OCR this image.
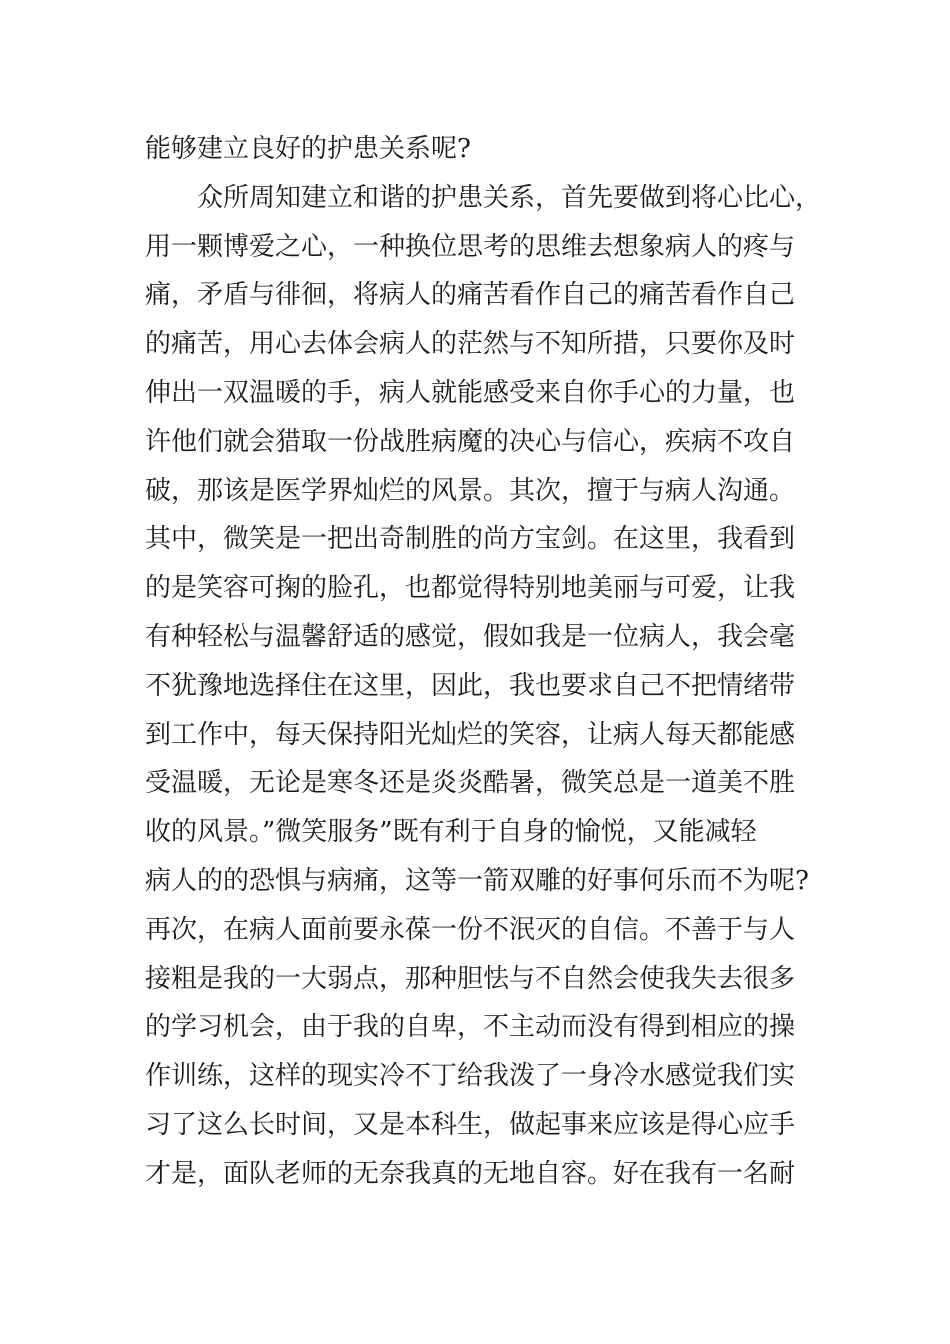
能够建立良好的护患关系呢?
众所周知建立和谐的护患关系，首先要做到将心比心，
用一颗博爱之心，一种换位思考的思维去想象病人的疼与
痛，矛盾与徘徊，将病人的痛苦看作自己的痛苦看作自己
的痛苦，用心去体会病人的茫然与不知所措，只要你及时
伸出一双温暖的手，病人就能感受来自你手心的力量，也
许他们就会猎取一份战胜病魔的决心与信心，疾病不攻自
破，那该是医学界灿烂的风景。其次，擅于与病人沟通。
其中，微笑是一把出奇制胜的尚方宝剑。在这里，我看到
的是笑容可掬的脸孔，也都觉得特别地美丽与可爱，让我
有种轻松与温馨舒适的感觉，假如我是一位病人，我会毫
不犹豫地选择住在这里，因此，我也要求自己不把情绪带
到工作中，每天保持阳光灿烂的笑容，让病人每天都能感
受温暖，无论是寒冬还是炎炎酷暑，微笑总是一道美不胜
收的风景。”微笑服务”既有利于自身的愉悦，又能减轻
病人的的恐惧与病痛，这等一箭双雕的好事何乐而不为呢?
再次，在病人面前要永葆一份不泯灭的自信。不善于与人
接粗是我的一大弱点，那种胆怯与不自然会使我失去很多
的学习机会，由于我的自卑，不主动而没有得到相应的操
作训练，这样的现实冷不丁给我泼了一身冷水感觉我们实
习了这么长时间，又是本科生，做起事来应该是得心应手
才是，面队老师的无奈我真的无地自容。好在我有一名耐
